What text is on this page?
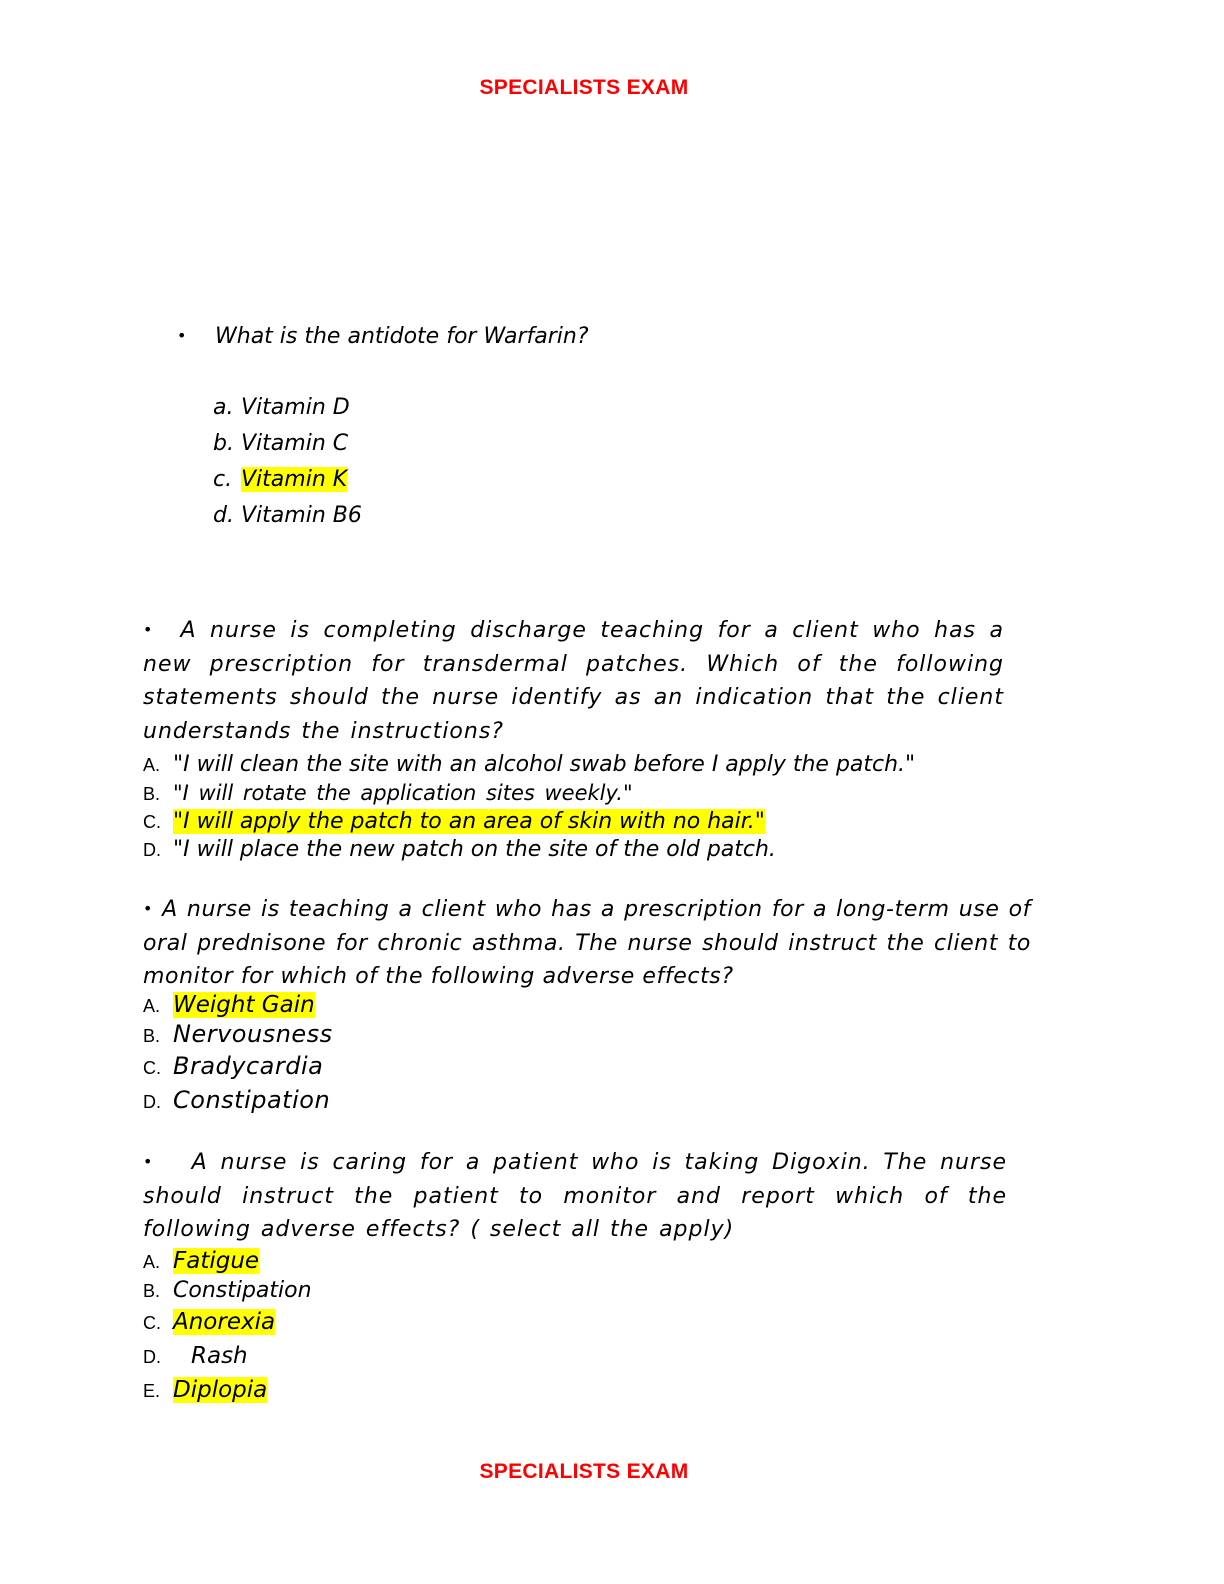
SPECIALISTS EXAM
• What is the antidote for Warfarin?
a. Vitamin D
b. Vitamin C
c. Vitamin K
d. Vitamin B6
• A nurse is completing discharge teaching for a client who has a new prescription for transdermal patches. Which of the following statements should the nurse identify as an indication that the client understands the instructions?
A. "I will clean the site with an alcohol swab before I apply the patch."
B. "I will rotate the application sites weekly."
C. "I will apply the patch to an area of skin with no hair."
D. "I will place the new patch on the site of the old patch.
• A nurse is teaching a client who has a prescription for a long-term use of oral prednisone for chronic asthma. The nurse should instruct the client to monitor for which of the following adverse effects?
A. Weight Gain
B. Nervousness
C. Bradycardia
D. Constipation
• A nurse is caring for a patient who is taking Digoxin. The nurse should instruct the patient to monitor and report which of the following adverse effects? ( select all the apply)
A. Fatigue
B. Constipation
C. Anorexia
D. Rash
E. Diplopia
SPECIALISTS EXAM
